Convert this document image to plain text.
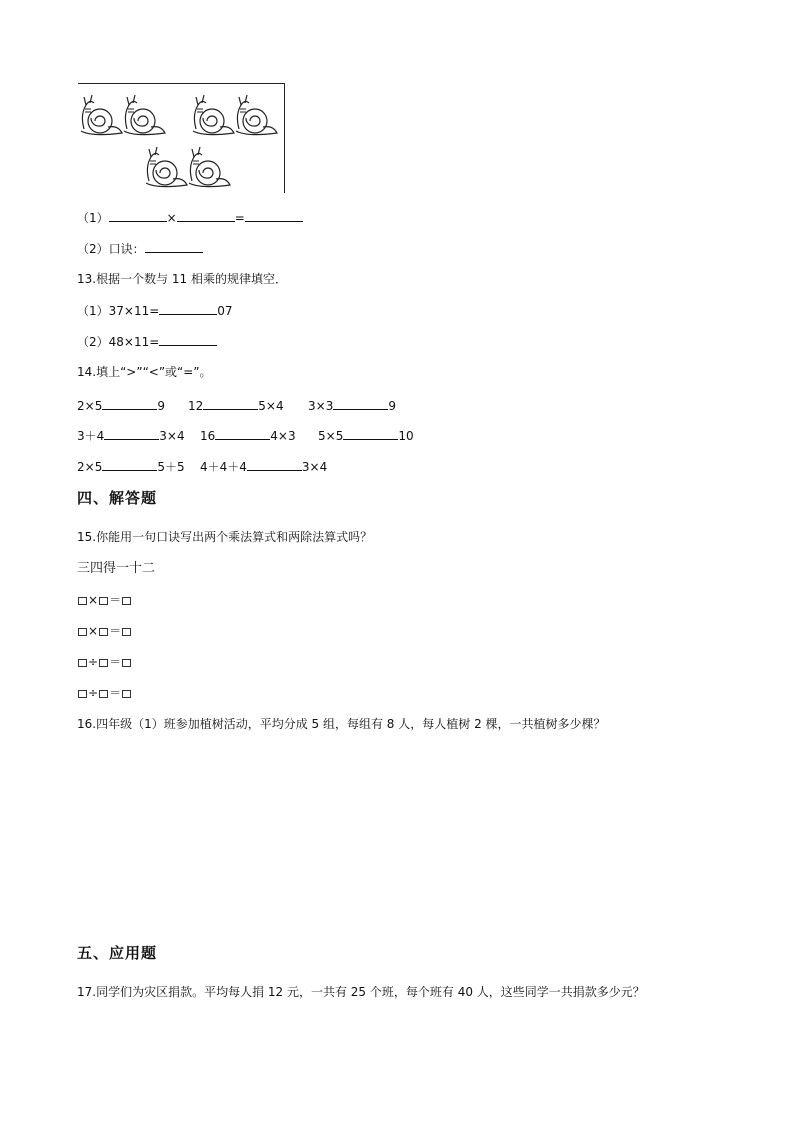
（1）	×	=
（2）口诀：
13.根据一个数与 11 相乘的规律填空．
（1）37×11=	07
（2）48×11=
14.填上“>”“<”或“=”。
2×5	9 12	5×4 3×3	9
3＋4	3×4 16	4×3 5×5	10
2×5	5＋5 4＋4＋4	3×4
四、解答题
15.你能用一句口诀写出两个乘法算式和两除法算式吗？
三四得一十二
× ＝
× ＝
÷ ＝
÷ ＝
16.四年级（1）班参加植树活动，平均分成 5 组，每组有 8 人，每人植树 2 棵，一共植树多少棵？
五、应用题
17.同学们为灾区捐款。平均每人捐 12 元，一共有 25 个班，每个班有 40 人，这些同学一共捐款多少元？
